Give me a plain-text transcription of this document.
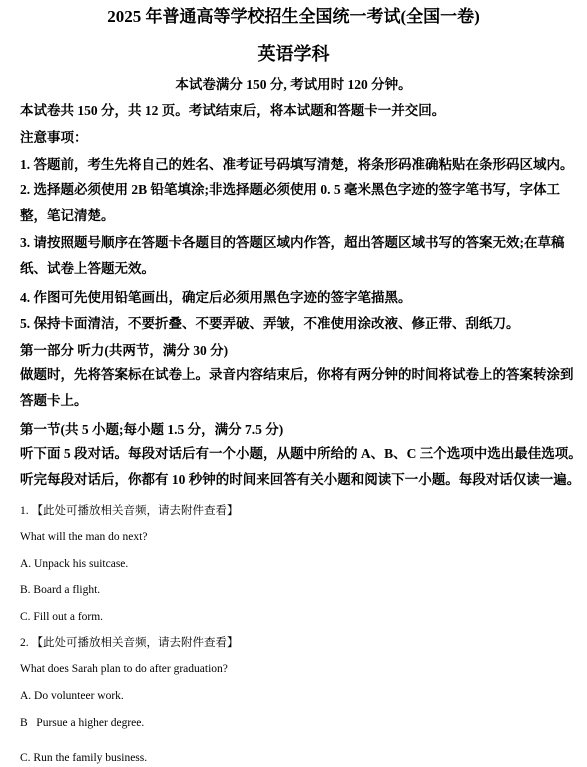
2025 年普通高等学校招生全国统一考试(全国一卷)
英语学科
本试卷满分 150 分, 考试用时 120 分钟。
本试卷共 150 分，共 12 页。考试结束后，将本试题和答题卡一并交回。
注意事项：
1. 答题前，考生先将自己的姓名、准考证号码填写清楚，将条形码准确粘贴在条形码区域内。
2. 选择题必须使用 2B 铅笔填涂;非选择题必须使用 0. 5 毫米黑色字迹的签字笔书写，字体工整，笔记清楚。
3. 请按照题号顺序在答题卡各题目的答题区域内作答，超出答题区域书写的答案无效;在草稿纸、试卷上答题无效。
4. 作图可先使用铅笔画出，确定后必须用黑色字迹的签字笔描黑。
5. 保持卡面清洁，不要折叠、不要弄破、弄皱，不准使用涂改液、修正带、刮纸刀。
第一部分 听力(共两节，满分 30 分)
做题时，先将答案标在试卷上。录音内容结束后，你将有两分钟的时间将试卷上的答案转涂到答题卡上。
第一节(共 5 小题;每小题 1.5 分，满分 7.5 分)
听下面 5 段对话。每段对话后有一个小题，从题中所给的 A、B、C 三个选项中选出最佳选项。听完每段对话后，你都有 10 秒钟的时间来回答有关小题和阅读下一小题。每段对话仅读一遍。
1. 【此处可播放相关音频，请去附件查看】
What will the man do next?
A. Unpack his suitcase.
B. Board a flight.
C. Fill out a form.
2. 【此处可播放相关音频，请去附件查看】
What does Sarah plan to do after graduation?
A. Do volunteer work.
B   Pursue a higher degree.
C. Run the family business.
